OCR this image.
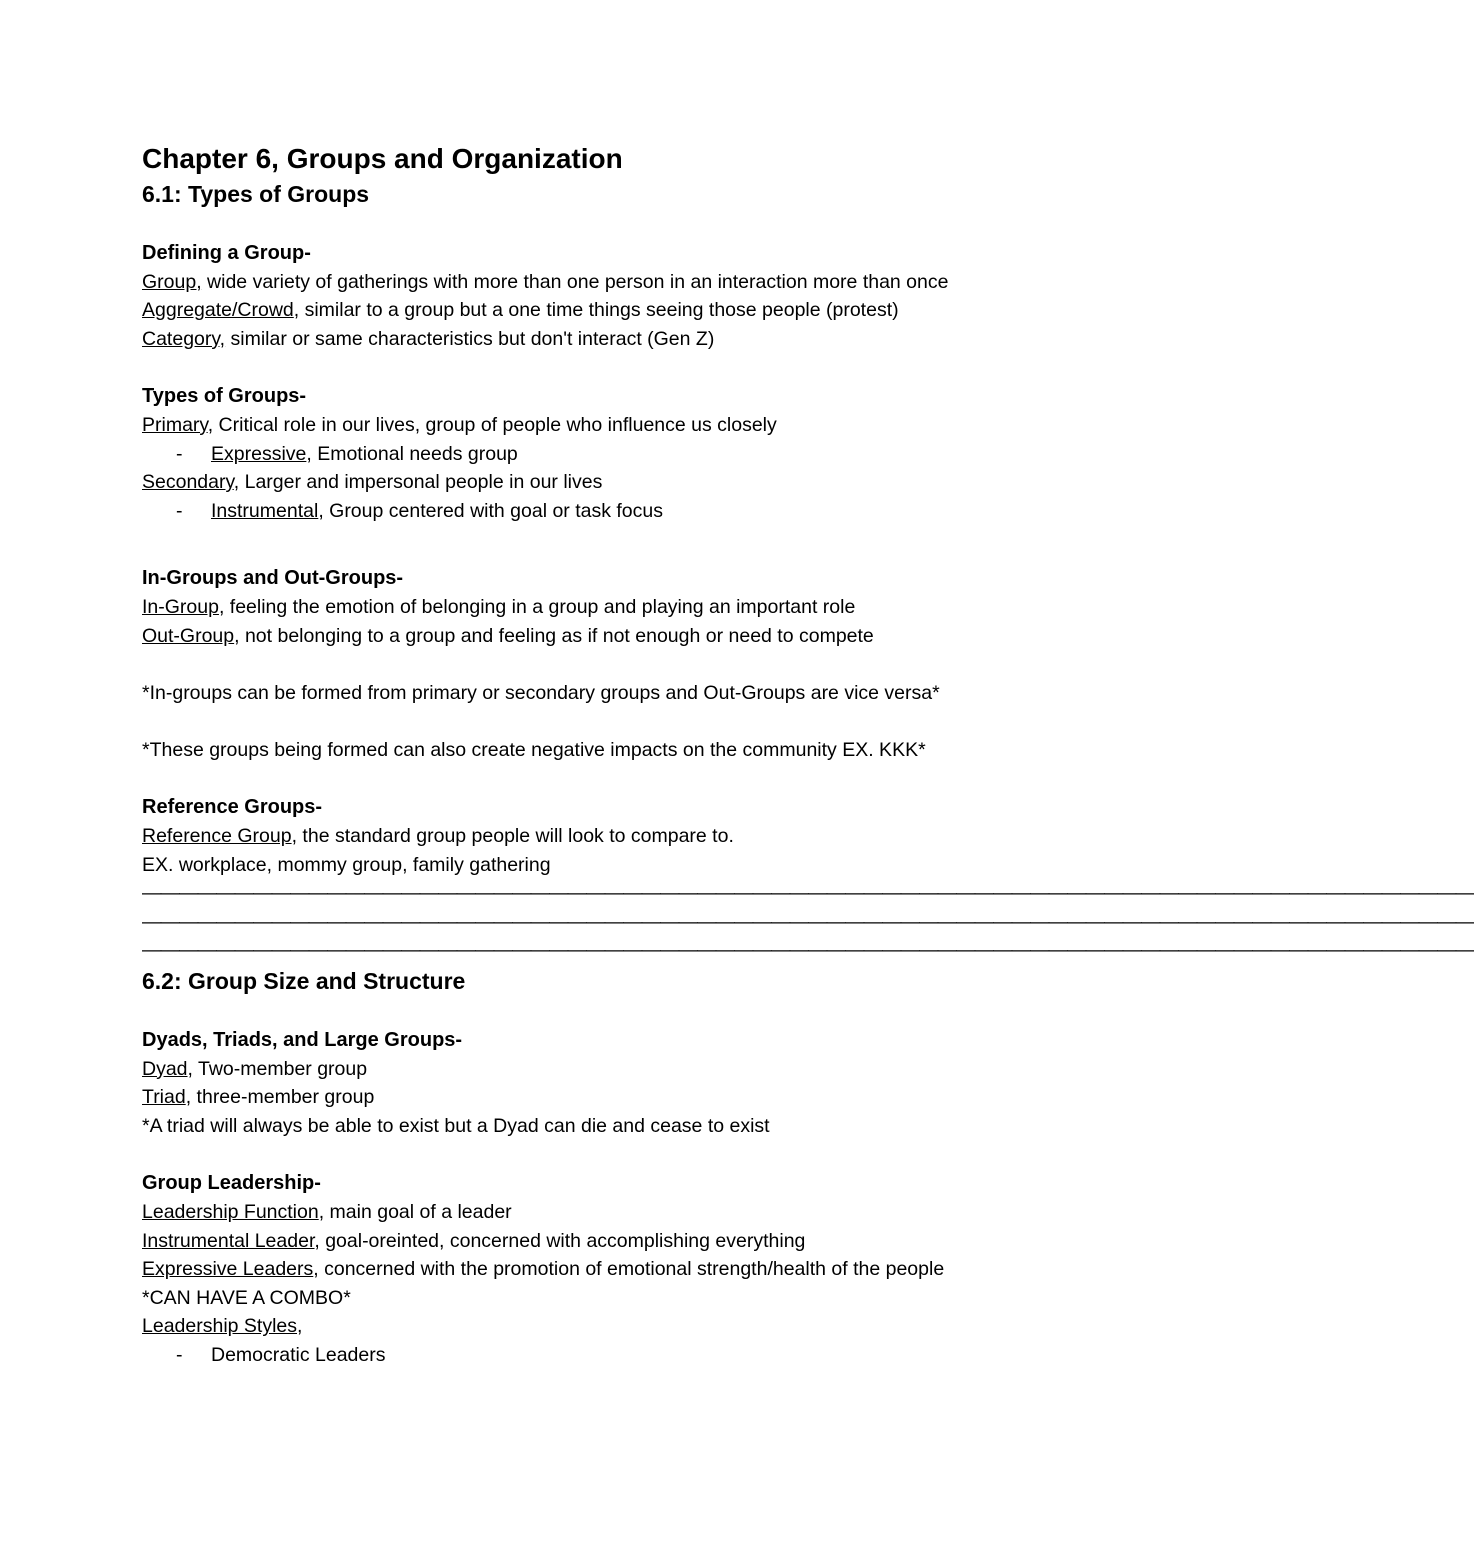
Chapter 6, Groups and Organization
6.1: Types of Groups
Defining a Group-

Group, wide variety of gatherings with more than one person in an interaction more than once

Aggregate/Crowd, similar to a group but a one time things seeing those people (protest)

Category, similar or same characteristics but don't interact (Gen Z)

Types of Groups-

Primary, Critical role in our lives, group of people who influence us closely

- Expressive, Emotional needs group

Secondary, Larger and impersonal people in our lives

- Instrumental, Group centered with goal or task focus

In-Groups and Out-Groups-

In-Group, feeling the emotion of belonging in a group and playing an important role

Out-Group, not belonging to a group and feeling as if not enough or need to compete

*In-groups can be formed from primary or secondary groups and Out-Groups are vice versa*

*These groups being formed can also create negative impacts on the community EX. KKK*

Reference Groups-

Reference Group, the standard group people will look to compare to.

EX. workplace, mommy group, family gathering

————————————————————————————————————————————————————————————————————————
————————————————————————————————————————————————————————————————————————
————————————————————————————————————————————————————————————————————————
6.2: Group Size and Structure
Dyads, Triads, and Large Groups-

Dyad, Two-member group

Triad, three-member group

*A triad will always be able to exist but a Dyad can die and cease to exist

Group Leadership-

Leadership Function, main goal of a leader

Instrumental Leader, goal-oreinted, concerned with accomplishing everything

Expressive Leaders, concerned with the promotion of emotional strength/health of the people

*CAN HAVE A COMBO*

Leadership Styles,

- Democratic Leaders
